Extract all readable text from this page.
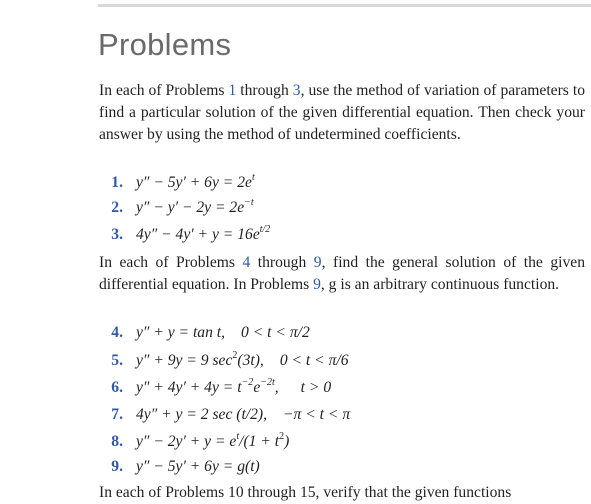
Problems

In each of Problems 1 through 3, use the method of variation of parameters to find a particular solution of the given differential equation. Then check your answer by using the method of undetermined coefficients.

1. $y'' - 5y' + 6y = 2e^t$
2. $y'' - y' - 2y = 2e^{-t}$
3. $4y'' - 4y' + y = 16e^{t/2}$

In each of Problems 4 through 9, find the general solution of the given differential equation. In Problems 9, g is an arbitrary continuous function.

4. y″ + y = tan t, 0 < t < π/2
5. y″ + 9y = 9 $\sec^2(3t)$, 0 < t < π/6
6. $y'' + 4y' + 4y = t^{-2}e^{-2t}$, t > 0
7. 4y″ + y = 2 sec (t/2), −π < t < π
8. $y'' - 2y' + y = e^t/(1 + t^2)$
9. y″ − 5y′ + 6y = g(t)
In each of Problems 10 through 15, verify that the given functions
